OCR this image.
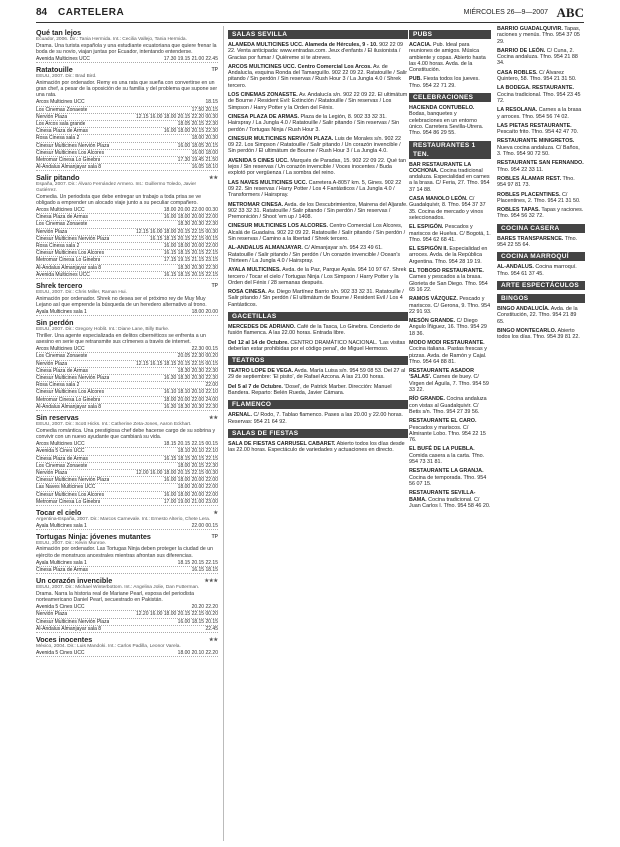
84 CARTELERA	MIÉRCOLES 26—9—2007 ABC
Qué tan lejos
Ecuador, 2006. Dir.: Tania Hermida. Int.: Cecilia Vallejo, Tania Hermida.
Drama. Una turista española y una estudiante ecuatoriana que quiere frenar la boda de su novio, viajan juntas por Ecuador, intentando entenderse.
Avenida Multicines UCC	17.30 19.15 21.00 22.45
Ratatouille	TP
EEUU, 2007. Dir.: Brad Bird.
Animación por ordenador. Remy es una rata que sueña con convertirse en un gran chef, a pesar de la oposición de su familia y del problema que supone ser una rata.
Arcos Multicines UCC	18.15
Los Cinemas Zonaeste	17.50 20.15
Nervión Plaza	12.15 16.00 18.00 20.15 22.20 00.30
Los Arcos sala grande	18.05 20.15 22.30
Cinesa Plaza de Armas	16.00 18.00 20.15 22.30
Rosa Cinesa sala 2	18.00 20.30
Cinesur Multicines Nervión Plaza	16.00 18.05 20.15
Cinesur Multicines Los Alcores	16.00 18.00
Metromar Cinesa Lo Ginebra	17.30 19.45 21.50
Al-Andalus Almanjayar sala 8	16.05 18.10
Salir pitando	★★
España, 2007. Dir.: Álvaro Fernández Armero. Int.: Guillermo Toledo, Javier Gutiérrez.
Comedia. Un periodista que debe entregar un trabajo a toda prisa se ve obligado a emprender un alocado viaje junto a su peculiar compañero.
Arcos Multicines UCC	18.00 20.00 22.00 00.30
Cinesa Plaza de Armas	16.00 18.00 20.00 22.00
Los Cinemas Zonaeste	18.30 20.30 22.30
Nervión Plaza	12.15 16.00 18.00 20.15 22.15 00.30
Cinesur Multicines Nervión Plaza	16.15 18.15 20.15 22.15 00.15
Rosa Cinesa sala 2	16.00 18.00 20.00 22.00
Cinesur Multicines Los Alcores	16.15 18.15 20.15 22.15
Metromar Cinesa Lo Ginebra	17.15 19.15 21.15 23.15
Al-Andalus Almanjayar sala 8	18.30 20.30 22.30
Avenida Multicines UCC	16.15 18.15 20.15 22.15
Shrek tercero	TP
EEUU, 2007. Dir.: Chris Miller, Raman Hui.
Animación por ordenador. Shrek no desea ser el próximo rey de Muy Muy Lejano así que emprende la búsqueda de un heredero alternativo al trono.
Ayala Multicines sala 1	18.00 20.00
Sin perdón
EEUU, 2007. Dir.: Gregory Hoblit. Int.: Diane Lane, Billy Burke.
Thriller. Una agente especializada en delitos cibernéticos se enfrenta a un asesino en serie que retransmite sus crímenes a través de internet.
Arcos Multicines UCC	22.30 00.15
Los Cinemas Zonaeste	20.05 22.30 00.20
Nervión Plaza	12.15 16.15 18.15 20.15 22.15 00.15
Cinesa Plaza de Armas	18.30 20.30 22.30
Cinesur Multicines Nervión Plaza	16.30 18.30 20.30 22.30
Rosa Cinesa sala 2	22.00
Cinesur Multicines Los Alcores	16.10 18.10 20.10 22.10
Metromar Cinesa Lo Ginebra	18.00 20.00 22.00 24.00
Al-Andalus Almanjayar sala 8	16.30 18.30 20.30 22.30
Sin reservas	★★
EEUU, 2007. Dir.: Scott Hicks. Int.: Catherine Zeta-Jones, Aaron Eckhart.
Comedia romántica. Una prestigiosa chef debe hacerse cargo de su sobrina y convivir con un nuevo ayudante que cambiará su vida.
Arcos Multicines UCC	18.15 20.15 22.15 00.15
Avenida 5 Cines UCC	18.10 20.10 22.10
Cinesa Plaza de Armas	16.15 18.15 20.15 22.15
Los Cinemas Zonaeste	18.00 20.15 22.30
Nervión Plaza	12.00 16.00 18.00 20.15 22.15 00.30
Cinesur Multicines Nervión Plaza	16.00 18.00 20.00 22.00
Las Naves Multicines UCC	18.00 20.00 22.00
Cinesur Multicines Los Alcores	16.00 18.00 20.00 22.00
Metromar Cinesa Lo Ginebra	17.00 19.00 21.00 23.00
Tocar el cielo	★
Argentina-España, 2007. Dir.: Marcos Carnevale. Int.: Ernesto Alterio, Chete Lera.
Ayala Multicines sala 1	22.00 00.15
Tortugas Ninja: jóvenes mutantes	TP
EEUU, 2007. Dir.: Kevin Munroe.
Animación por ordenador. Las Tortugas Ninja deben proteger la ciudad de un ejército de monstruos ancestrales mientras afrontan sus diferencias.
Ayala Multicines sala 1	18.15 20.15 22.15
Cinesa Plaza de Armas	16.15 18.15
Un corazón invencible	★★★
EEUU, 2007. Dir.: Michael Winterbottom. Int.: Angelina Jolie, Dan Futterman.
Drama. Narra la historia real de Mariane Pearl, esposa del periodista norteamericano Daniel Pearl, secuestrado en Pakistán.
Avenida 5 Cines UCC	20.20 22.20
Nervión Plaza	12.20 16.00 18.00 20.15 22.15 00.20
Cinesur Multicines Nervión Plaza	16.00 18.15 20.15
Al-Andalus Almanjayar sala 8	22.45
Voces inocentes	★★
México, 2004. Dir.: Luis Mandoki. Int.: Carlos Padilla, Leonor Varela.
Avenida 5 Cines UCC	18.00 20.10 22.20
SALAS SEVILLA
ALAMEDA MULTICINES UCC. Alameda de Hércules, 9 - 10. 902 22 09 22. Venta anticipada: www.entradas.com. Jeux d'enfants / El ilusionista / Gracias por fumar / Quiéreme si te atreves.
ARCOS MULTICINES UCC. Centro Comercial Los Arcos. Av. de Andalucía, esquina Ronda del Tamarguillo. 902 22 09 22. Ratatouille / Salir pitando / Sin perdón / Sin reservas / Rush Hour 3 / La Jungla 4.0 / Shrek tercero.
LOS CINEMAS ZONAESTE. Av. Andalucía s/n. 902 22 09 22. El ultimátum de Bourne / Resident Evil: Extinción / Ratatouille / Sin reservas / Los Simpson / Harry Potter y la Orden del Fénix.
CINESA PLAZA DE ARMAS. Plaza de la Legión, 8. 902 33 32 31. Hairspray / La Jungla 4.0 / Ratatouille / Salir pitando / Sin reservas / Sin perdón / Tortugas Ninja / Rush Hour 3.
CINESUR MULTICINES NERVIÓN PLAZA. Luis de Morales s/n. 902 22 09 22. Los Simpson / Ratatouille / Salir pitando / Un corazón invencible / Sin perdón / El ultimátum de Bourne / Rush Hour 3 / La Jungla 4.0.
AVENIDA 5 CINES UCC. Marqués de Paradas, 15. 902 22 09 22. Qué tan lejos / Sin reservas / Un corazón invencible / Voces inocentes / Buda explotó por vergüenza / La sombra del reino.
LAS NAVES MULTICINES UCC. Carretera A-8057 km. 5, Gines. 902 22 09 22. Sin reservas / Harry Potter / Los 4 Fantásticos / La Jungla 4.0 / Transformers / Hairspray.
METROMAR CINESA. Avda. de los Descubrimientos, Mairena del Aljarafe. 902 33 32 31. Ratatouille / Salir pitando / Sin perdón / Sin reservas / Premonición / Shoot 'em up / 1408.
CINESUR MULTICINES LOS ALCORES. Centro Comercial Los Alcores, Alcalá de Guadaíra. 902 22 09 22. Ratatouille / Salir pitando / Sin perdón / Sin reservas / Camino a la libertad / Shrek tercero.
AL-ANDALUS ALMANJAYAR. C/ Almanjayar s/n. 954 23 49 61. Ratatouille / Salir pitando / Sin perdón / Un corazón invencible / Ocean's Thirteen / La Jungla 4.0 / Hairspray.
AYALA MULTICINES. Avda. de la Paz, Parque Ayala. 954 10 97 67. Shrek tercero / Tocar el cielo / Tortugas Ninja / Los Simpson / Harry Potter y la Orden del Fénix / 28 semanas después.
ROSA CINESA. Av. Diego Martínez Barrio s/n. 902 33 32 31. Ratatouille / Salir pitando / Sin perdón / El ultimátum de Bourne / Resident Evil / Los 4 Fantásticos.
GACETILLAS
MERCEDES DE ADRIANO. Café de la Tasca, Lo Ginebra. Concierto de fusión flamenca. A las 22.00 horas. Entrada libre.
Del 12 al 14 de Octubre. CENTRO DRAMÁTICO NACIONAL. 'Las visitas deberían estar prohibidas por el código penal', de Miguel Hermoso.
TEATROS
TEATRO LOPE DE VEGA. Avda. María Luisa s/n. 954 59 08 53. Del 27 al 29 de septiembre: 'El pisito', de Rafael Azcona. A las 21.00 horas.
Del 5 al 7 de Octubre. 'Dosel', de Patrick Marber. Dirección: Manuel Bandera. Reparto: Belén Rueda, Javier Cámara.
FLAMENCO
ARENAL. C/ Rodo, 7. Tablao flamenco. Pases a las 20.00 y 22.00 horas. Reservas: 954 21 64 92.
SALAS DE FIESTAS
SALA DE FIESTAS CARRUSEL CABARET. Abierto todos los días desde las 22.00 horas. Espectáculo de variedades y actuaciones en directo.
PUBS
ACACIA. Pub. Ideal para reuniones de amigos. Música ambiente y copas. Abierto hasta las 4.00 horas. Avda. de la Constitución.
PUB. Fiesta todos los jueves. Tfno. 954 22 71 29.
CELEBRACIONES
HACIENDA CONTUBELO. Bodas, banquetes y celebraciones en un entorno único. Carretera Sevilla-Utrera. Tfno. 954 86 29 55.
RESTAURANTES 1 TEN.
BAR RESTAURANTE LA COCHONA. Cocina tradicional andaluza. Especialidad en carnes a la brasa. C/ Feria, 27. Tfno. 954 37 14 88.
CASA MANOLO LEÓN. C/ Guadalquivir, 8. Tfno. 954 37 37 35. Cocina de mercado y vinos seleccionados.
EL ESPIGÓN. Pescados y mariscos de Huelva. C/ Bogotá, 1. Tfno. 954 62 68 41.
EL ESPIGÓN II. Especialidad en arroces. Avda. de la República Argentina. Tfno. 954 28 19 19.
EL TOBOSO RESTAURANTE. Carnes y pescados a la brasa. Glorieta de San Diego. Tfno. 954 65 16 22.
RAMOS VÁZQUEZ. Pescado y mariscos. C/ Gerona, 9. Tfno. 954 22 91 93.
MESÓN GRANDE. C/ Diego Angulo Íñiguez, 16. Tfno. 954 29 18 36.
MODO MODI RESTAURANTE. Cocina italiana. Pastas frescas y pizzas. Avda. de Ramón y Cajal. Tfno. 954 64 88 81.
RESTAURANTE ASADOR 'SALAS'. Carnes de buey. C/ Virgen del Águila, 7. Tfno. 954 59 33 22.
RÍO GRANDE. Cocina andaluza con vistas al Guadalquivir. C/ Betis s/n. Tfno. 954 27 39 56.
RESTAURANTE EL CARO. Pescados y mariscos. C/ Almirante Lobo. Tfno. 954 22 15 76.
EL BUFÉ DE LA PUEBLA. Comida casera a la carta. Tfno. 954 73 31 81.
RESTAURANTE LA GRANJA. Cocina de temporada. Tfno. 954 56 07 15.
RESTAURANTE SEVILLA-BAMA. Cocina tradicional. C/ Juan Carlos I. Tfno. 954 58 46 20.
BARRIO GUADALQUIVIR. Tapas, raciones y menús. Tfno. 954 37 05 29.
BARRIO DE LEÓN. C/ Cuna, 2. Cocina andaluza. Tfno. 954 21 88 34.
CASA ROBLES. C/ Álvarez Quintero, 58. Tfno. 954 21 31 50.
LA BODEGA. RESTAURANTE. Cocina tradicional. Tfno. 954 23 45 72.
LA RESOLANA. Carnes a la brasa y arroces. Tfno. 954 56 74 02.
LAS PIETAS RESTAURANTE. Pescaíto frito. Tfno. 954 42 47 70.
RESTAURANTE MINIGRETOS. Nueva cocina andaluza. C/ Baños, 3. Tfno. 954 90 72 50.
RESTAURANTE SAN FERNANDO. Tfno. 954 22 33 11.
ROBLES ÁLAMAR REST. Tfno. 954 97 81 73.
ROBLES PLACENTINES. C/ Placentines, 2. Tfno. 954 21 31 50.
ROBLES TAPAS. Tapas y raciones. Tfno. 954 56 32 72.
COCINA CASERA
BARES TRANSPARENCE. Tfno. 954 22 55 64.
COCINA MARROQUÍ
AL-ANDALUS. Cocina marroquí. Tfno. 954 61 37 45.
ARTE ESPECTÁCULOS
BINGOS
BINGO ANDALUCÍA. Avda. de la Constitución, 22. Tfno. 954 21 89 65.
BINGO MONTECARLO. Abierto todos los días. Tfno. 954 39 81 22.
